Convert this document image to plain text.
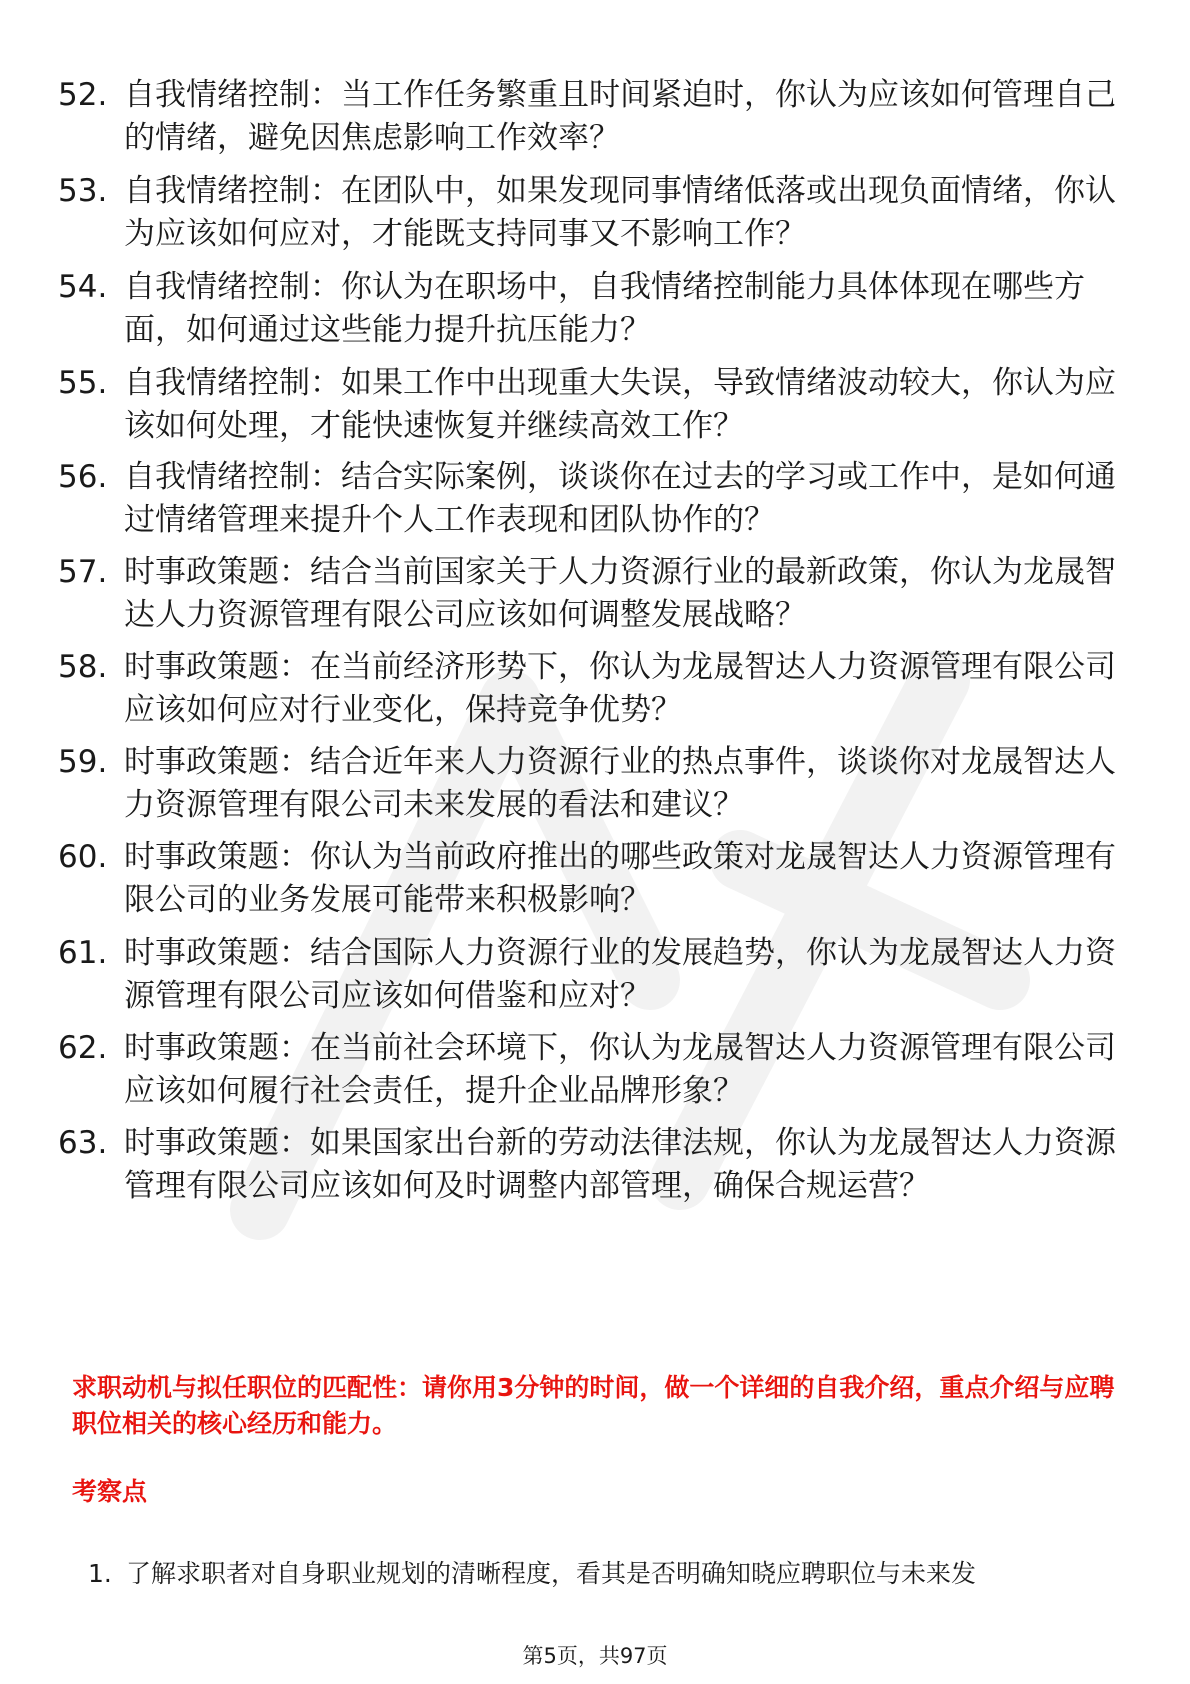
52. 自我情绪控制：当工作任务繁重且时间紧迫时，你认为应该如何管理自己的情绪，避免因焦虑影响工作效率？
53. 自我情绪控制：在团队中，如果发现同事情绪低落或出现负面情绪，你认为应该如何应对，才能既支持同事又不影响工作？
54. 自我情绪控制：你认为在职场中，自我情绪控制能力具体体现在哪些方面，如何通过这些能力提升抗压能力？
55. 自我情绪控制：如果工作中出现重大失误，导致情绪波动较大，你认为应该如何处理，才能快速恢复并继续高效工作？
56. 自我情绪控制：结合实际案例，谈谈你在过去的学习或工作中，是如何通过情绪管理来提升个人工作表现和团队协作的？
57. 时事政策题：结合当前国家关于人力资源行业的最新政策，你认为龙晟智达人力资源管理有限公司应该如何调整发展战略？
58. 时事政策题：在当前经济形势下，你认为龙晟智达人力资源管理有限公司应该如何应对行业变化，保持竞争优势？
59. 时事政策题：结合近年来人力资源行业的热点事件，谈谈你对龙晟智达人力资源管理有限公司未来发展的看法和建议？
60. 时事政策题：你认为当前政府推出的哪些政策对龙晟智达人力资源管理有限公司的业务发展可能带来积极影响？
61. 时事政策题：结合国际人力资源行业的发展趋势，你认为龙晟智达人力资源管理有限公司应该如何借鉴和应对？
62. 时事政策题：在当前社会环境下，你认为龙晟智达人力资源管理有限公司应该如何履行社会责任，提升企业品牌形象？
63. 时事政策题：如果国家出台新的劳动法律法规，你认为龙晟智达人力资源管理有限公司应该如何及时调整内部管理，确保合规运营？
求职动机与拟任职位的匹配性：请你用3分钟的时间，做一个详细的自我介绍，重点介绍与应聘职位相关的核心经历和能力。
考察点
1. 了解求职者对自身职业规划的清晰程度，看其是否明确知晓应聘职位与未来发
第5页，共97页
